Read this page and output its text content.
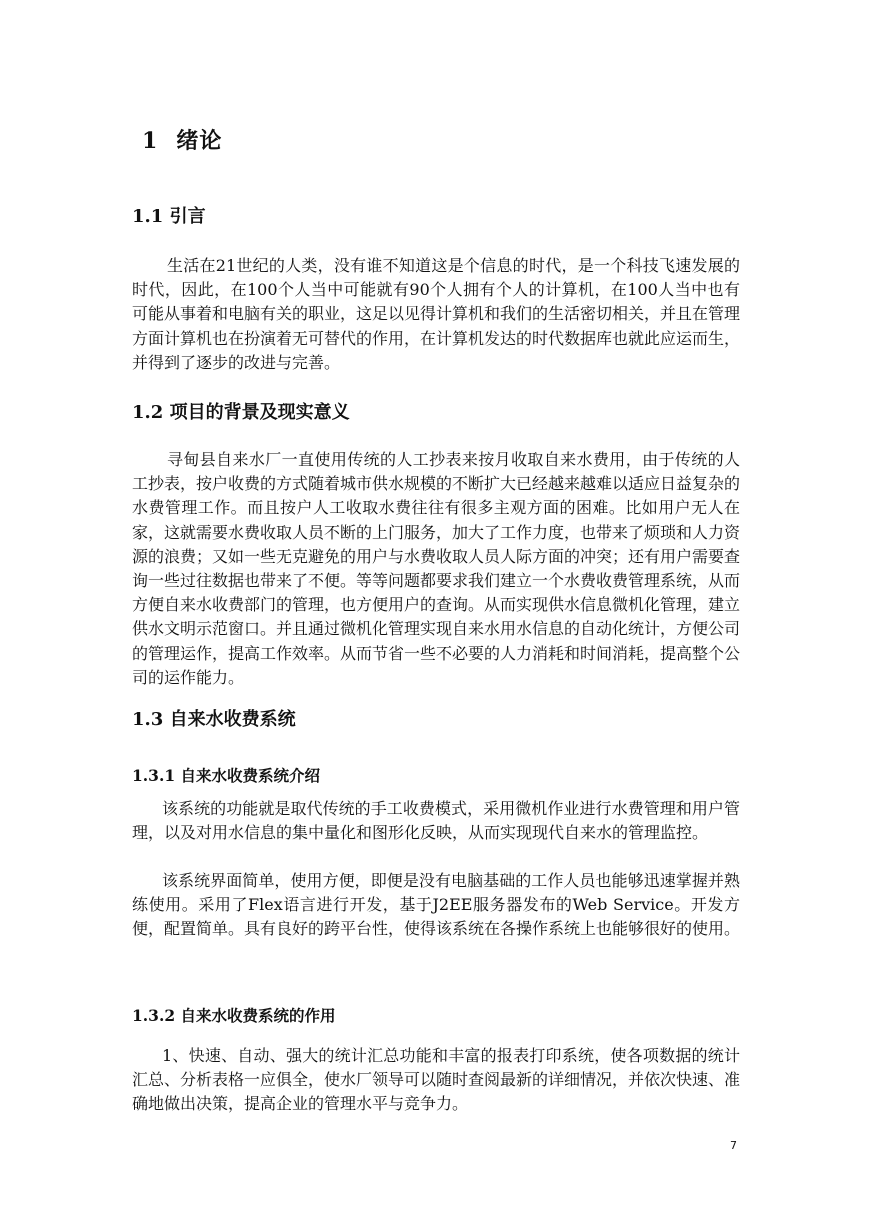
1 绪论
1.1 引言

生活在21世纪的人类，没有谁不知道这是个信息的时代，是一个科技飞速发展的时代，因此，在100个人当中可能就有90个人拥有个人的计算机，在100人当中也有可能从事着和电脑有关的职业，这足以见得计算机和我们的生活密切相关，并且在管理方面计算机也在扮演着无可替代的作用，在计算机发达的时代数据库也就此应运而生，并得到了逐步的改进与完善。

1.2 项目的背景及现实意义

寻甸县自来水厂一直使用传统的人工抄表来按月收取自来水费用，由于传统的人工抄表，按户收费的方式随着城市供水规模的不断扩大已经越来越难以适应日益复杂的水费管理工作。而且按户人工收取水费往往有很多主观方面的困难。比如用户无人在家，这就需要水费收取人员不断的上门服务，加大了工作力度，也带来了烦琐和人力资源的浪费；又如一些无克避免的用户与水费收取人员人际方面的冲突；还有用户需要查询一些过往数据也带来了不便。等等问题都要求我们建立一个水费收费管理系统，从而方便自来水收费部门的管理，也方便用户的查询。从而实现供水信息微机化管理，建立供水文明示范窗口。并且通过微机化管理实现自来水用水信息的自动化统计，方便公司的管理运作，提高工作效率。从而节省一些不必要的人力消耗和时间消耗，提高整个公司的运作能力。

1.3 自来水收费系统
1.3.1 自来水收费系统介绍

该系统的功能就是取代传统的手工收费模式，采用微机作业进行水费管理和用户管理，以及对用水信息的集中量化和图形化反映，从而实现现代自来水的管理监控。

该系统界面简单，使用方便，即便是没有电脑基础的工作人员也能够迅速掌握并熟练使用。采用了Flex语言进行开发，基于J2EE服务器发布的Web Service。开发方便，配置简单。具有良好的跨平台性，使得该系统在各操作系统上也能够很好的使用。

1.3.2 自来水收费系统的作用

1、快速、自动、强大的统计汇总功能和丰富的报表打印系统，使各项数据的统计汇总、分析表格一应俱全，使水厂领导可以随时查阅最新的详细情况，并依次快速、准确地做出决策，提高企业的管理水平与竞争力。

7
